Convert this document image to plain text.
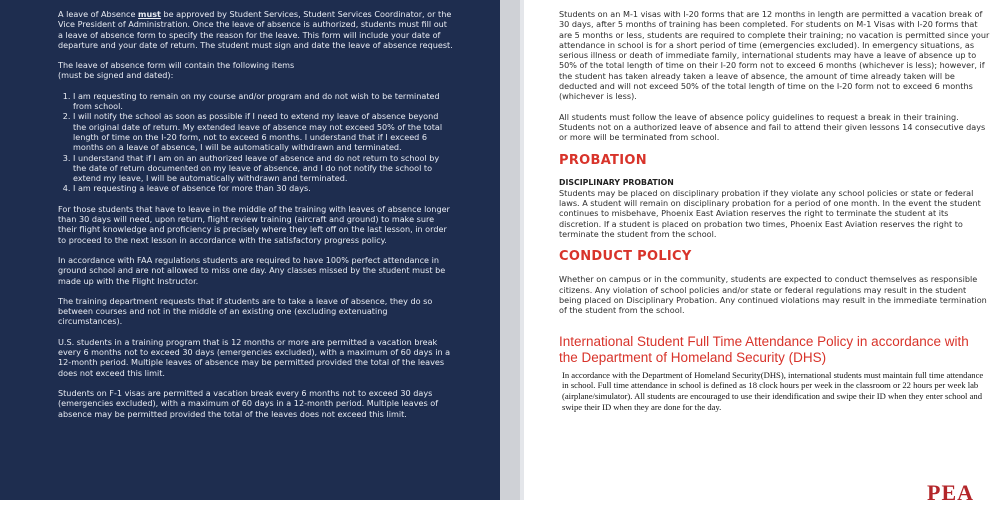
A leave of Absence must be approved by Student Services, Student Services Coordinator, or the Vice President of Administration. Once the leave of absence is authorized, students must fill out a leave of absence form to specify the reason for the leave. This form will include your date of departure and your date of return. The student must sign and date the leave of absence request.

The leave of absence form will contain the following items
(must be signed and dated):

1. I am requesting to remain on my course and/or program and do not wish to be terminated from school.
2. I will notify the school as soon as possible if I need to extend my leave of absence beyond the original date of return. My extended leave of absence may not exceed 50% of the total length of time on the I-20 form, not to exceed 6 months. I understand that if I exceed 6 months on a leave of absence, I will be automatically withdrawn and terminated.
3. I understand that if I am on an authorized leave of absence and do not return to school by the date of return documented on my leave of absence, and I do not notify the school to extend my leave, I will be automatically withdrawn and terminated.
4. I am requesting a leave of absence for more than 30 days.

For those students that have to leave in the middle of the training with leaves of absence longer than 30 days will need, upon return, flight review training (aircraft and ground) to make sure their flight knowledge and proficiency is precisely where they left off on the last lesson, in order to proceed to the next lesson in accordance with the satisfactory progress policy.

In accordance with FAA regulations students are required to have 100% perfect attendance in ground school and are not allowed to miss one day. Any classes missed by the student must be made up with the Flight Instructor.

The training department requests that if students are to take a leave of absence, they do so between courses and not in the middle of an existing one (excluding extenuating circumstances).

U.S. students in a training program that is 12 months or more are permitted a vacation break every 6 months not to exceed 30 days (emergencies excluded), with a maximum of 60 days in a 12-month period. Multiple leaves of absence may be permitted provided the total of the leaves does not exceed this limit.

Students on F-1 visas are permitted a vacation break every 6 months not to exceed 30 days (emergencies excluded), with a maximum of 60 days in a 12-month period. Multiple leaves of absence may be permitted provided the total of the leaves does not exceed this limit.

Students on an M-1 visas with I-20 forms that are 12 months in length are permitted a vacation break of 30 days, after 5 months of training has been completed. For students on M-1 Visas with I-20 forms that are 5 months or less, students are required to complete their training; no vacation is permitted since your attendance in school is for a short period of time (emergencies excluded). In emergency situations, as serious illness or death of immediate family, international students may have a leave of absence up to 50% of the total length of time on their I-20 form not to exceed 6 months (whichever is less); however, if the student has taken already taken a leave of absence, the amount of time already taken will be deducted and will not exceed 50% of the total length of time on the I-20 form not to exceed 6 months (whichever is less).

All students must follow the leave of absence policy guidelines to request a break in their training. Students not on a authorized leave of absence and fail to attend their given lessons 14 consecutive days or more will be terminated from school.

PROBATION
DISCIPLINARY PROBATION

Students may be placed on disciplinary probation if they violate any school policies or state or federal laws. A student will remain on disciplinary probation for a period of one month. In the event the student continues to misbehave, Phoenix East Aviation reserves the right to terminate the student at its discretion. If a student is placed on probation two times, Phoenix East Aviation reserves the right to terminate the student from the school.

CONDUCT POLICY

Whether on campus or in the community, students are expected to conduct themselves as responsible citizens. Any violation of school policies and/or state or federal regulations may result in the student being placed on Disciplinary Probation. Any continued violations may result in the immediate termination of the student from the school.

International Student Full Time Attendance Policy in accordance with the Department of Homeland Security (DHS)

In accordance with the Department of Homeland Security(DHS), international students must maintain full time attendance in school. Full time attendance in school is defined as 18 clock hours per week in the classroom or 22 hours per week lab (airplane/simulator). All students are encouraged to use their idendification and swipe their ID when they enter school and swipe their ID when they are done for the day.

PEA
